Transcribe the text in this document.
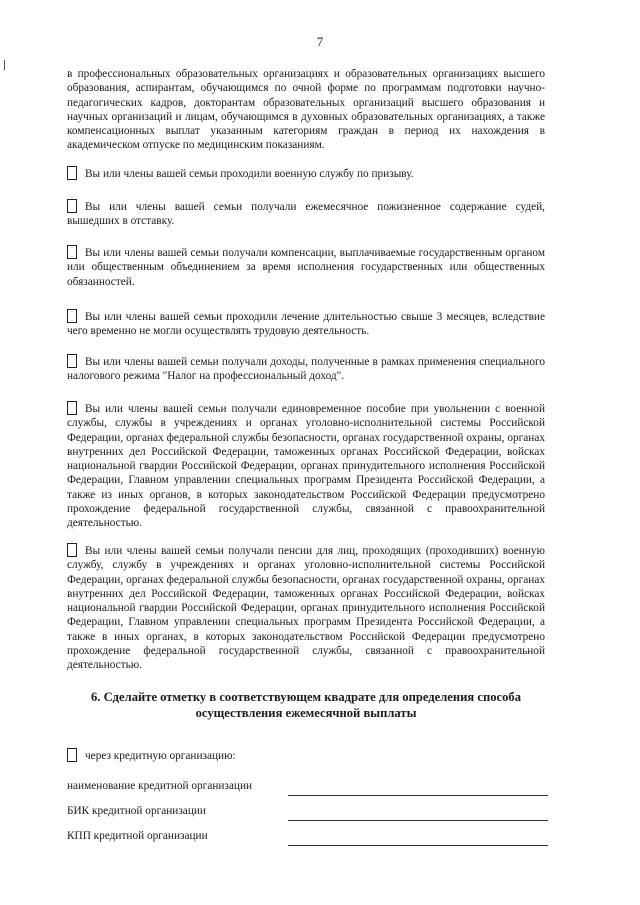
7
в профессиональных образовательных организациях и образовательных организациях высшего образования, аспирантам, обучающимся по очной форме по программам подготовки научно-педагогических кадров, докторантам образовательных организаций высшего образования и научных организаций и лицам, обучающимся в духовных образовательных организациях, а также компенсационных выплат указанным категориям граждан в период их нахождения в академическом отпуске по медицинским показаниям.
Вы или члены вашей семьи проходили военную службу по призыву.
Вы или члены вашей семьи получали ежемесячное пожизненное содержание судей, вышедших в отставку.
Вы или члены вашей семьи получали компенсации, выплачиваемые государственным органом или общественным объединением за время исполнения государственных или общественных обязанностей.
Вы или члены вашей семьи проходили лечение длительностью свыше 3 месяцев, вследствие чего временно не могли осуществлять трудовую деятельность.
Вы или члены вашей семьи получали доходы, полученные в рамках применения специального налогового режима "Налог на профессиональный доход".
Вы или члены вашей семьи получали единовременное пособие при увольнении с военной службы, службы в учреждениях и органах уголовно-исполнительной системы Российской Федерации, органах федеральной службы безопасности, органах государственной охраны, органах внутренних дел Российской Федерации, таможенных органах Российской Федерации, войсках национальной гвардии Российской Федерации, органах принудительного исполнения Российской Федерации, Главном управлении специальных программ Президента Российской Федерации, а также из иных органов, в которых законодательством Российской Федерации предусмотрено прохождение федеральной государственной службы, связанной с правоохранительной деятельностью.
Вы или члены вашей семьи получали пенсии для лиц, проходящих (проходивших) военную службу, службу в учреждениях и органах уголовно-исполнительной системы Российской Федерации, органах федеральной службы безопасности, органах государственной охраны, органах внутренних дел Российской Федерации, таможенных органах Российской Федерации, войсках национальной гвардии Российской Федерации, органах принудительного исполнения Российской Федерации, Главном управлении специальных программ Президента Российской Федерации, а также в иных органах, в которых законодательством Российской Федерации предусмотрено прохождение федеральной государственной службы, связанной с правоохранительной деятельностью.
6. Сделайте отметку в соответствующем квадрате для определения способа осуществления ежемесячной выплаты
через кредитную организацию:
наименование кредитной организации
БИК кредитной организации
КПП кредитной организации
